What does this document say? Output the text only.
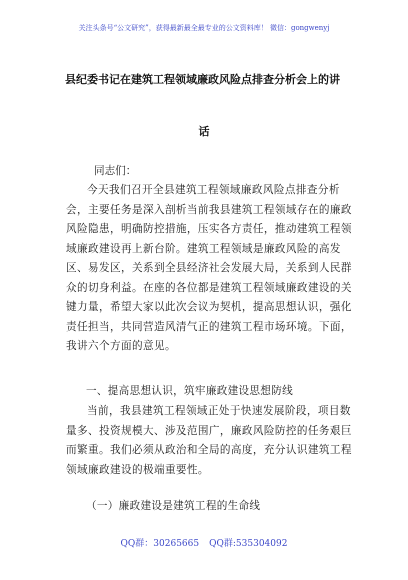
关注头条号“公文研究”，获得最新最全最专业的公文资料库！ 微信：gongwenyj
县纪委书记在建筑工程领域廉政风险点排查分析会上的讲
话

同志们：

今天我们召开全县建筑工程领域廉政风险点排查分析会，主要任务是深入剖析当前我县建筑工程领域存在的廉政风险隐患，明确防控措施，压实各方责任，推动建筑工程领域廉政建设再上新台阶。建筑工程领域是廉政风险的高发区、易发区，关系到全县经济社会发展大局，关系到人民群众的切身利益。在座的各位都是建筑工程领域廉政建设的关键力量，希望大家以此次会议为契机，提高思想认识，强化责任担当，共同营造风清气正的建筑工程市场环境。下面，我讲六个方面的意见。

一、提高思想认识，筑牢廉政建设思想防线

当前，我县建筑工程领域正处于快速发展阶段，项目数量多、投资规模大、涉及范围广，廉政风险防控的任务艰巨而繁重。我们必须从政治和全局的高度，充分认识建筑工程领域廉政建设的极端重要性。

（一）廉政建设是建筑工程的生命线

QQ群：30265665 QQ群:535304092
